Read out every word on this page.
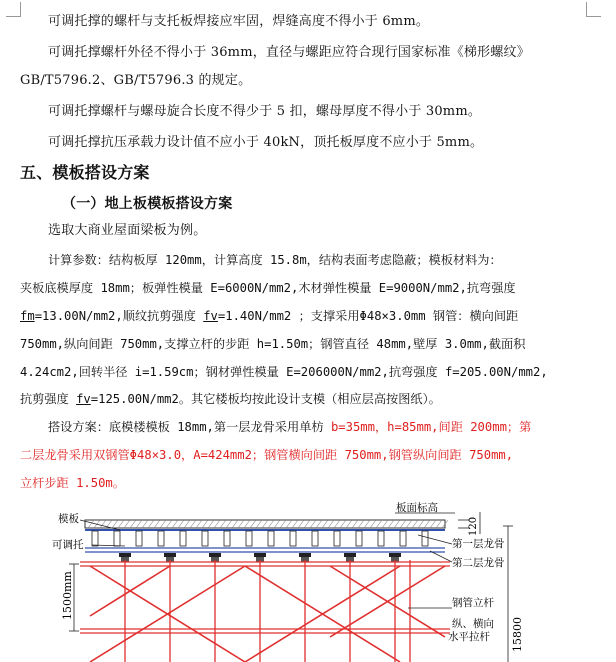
可调托撑的螺杆与支托板焊接应牢固，焊缝高度不得小于 6mm。
可调托撑螺杆外径不得小于 36mm，直径与螺距应符合现行国家标准《梯形螺纹》
GB/T5796.2、GB/T5796.3 的规定。
可调托撑螺杆与螺母旋合长度不得少于 5 扣，螺母厚度不得小于 30mm。
可调托撑抗压承载力设计值不应小于 40kN，顶托板厚度不应小于 5mm。
五、模板搭设方案
（一）地上板模板搭设方案
选取大商业屋面梁板为例。
计算参数：结构板厚 120mm，计算高度 15.8m，结构表面考虑隐蔽；模板材料为：
夹板底模厚度 18mm；板弹性模量 E=6000N/mm2,木材弹性模量 E=9000N/mm2,抗弯强度
fm=13.00N/mm2,顺纹抗剪强度 fv=1.40N/mm2 ；支撑采用Φ48×3.0mm 钢管：横向间距
750mm,纵向间距 750mm,支撑立杆的步距 h=1.50m；钢管直径 48mm,壁厚 3.0mm,截面积
4.24cm2,回转半径 i=1.59cm；钢材弹性模量 E=206000N/mm2,抗弯强度 f=205.00N/mm2,
抗剪强度 fv=125.00N/mm2。其它楼板均按此设计支模（相应层高按图纸）。
搭设方案：底模楼模板 18mm,第一层龙骨采用单枋 b=35mm，h=85mm,间距 200mm；第
二层龙骨采用双钢管Φ48×3.0，A=424mm2；钢管横向间距 750mm,钢管纵向间距 750mm,
立杆步距 1.50m。
1500mm
120
15800
模板
可调托
板面标高
第一层龙骨
第二层龙骨
钢管立杆
纵、横向
水平拉杆
